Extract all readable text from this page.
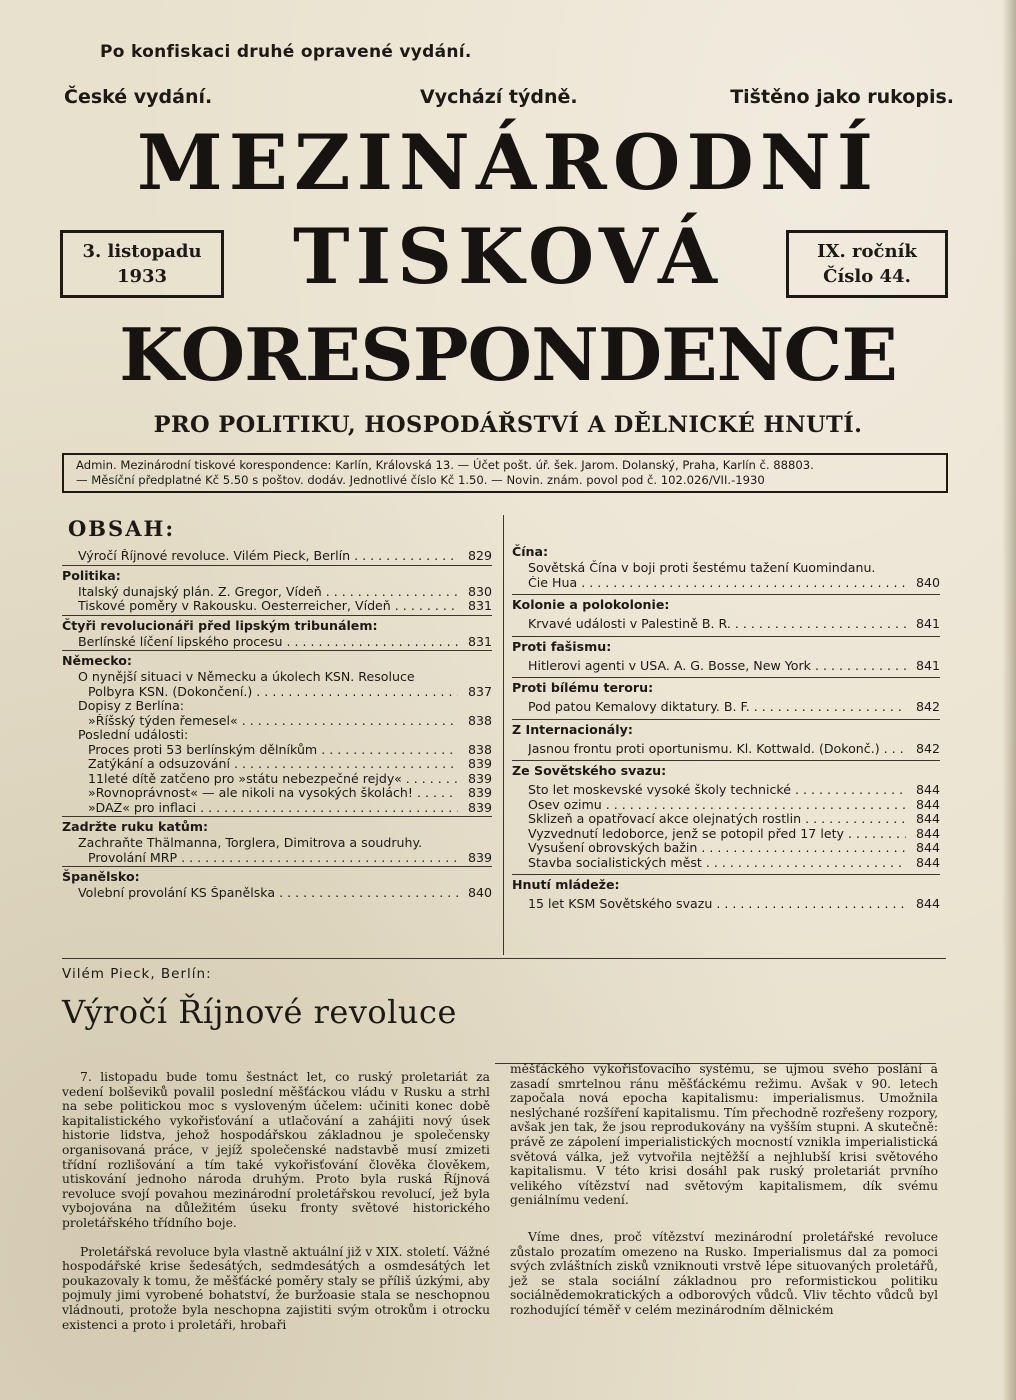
Po konfiskaci druhé opravené vydání.
České vydání.	Vychází týdně.	Tištěno jako rukopis.
MEZINÁRODNÍ
TISKOVÁ
KORESPONDENCE
3. listopadu
1933
IX. ročník
Číslo 44.
PRO POLITIKU, HOSPODÁŘSTVÍ A DĚLNICKÉ HNUTÍ.
Admin. Mezinárodní tiskové korespondence: Karlín, Královská 13. — Účet pošt. úř. šek. Jarom. Dolanský, Praha, Karlín č. 88803.
— Měsíční předplatné Kč 5.50 s poštov. dodáv. Jednotlivé číslo Kč 1.50. — Novin. znám. povol pod č. 102.026/VII.-1930
OBSAH:
Výročí Říjnové revoluce. Vilém Pieck, Berlín . . .	829
Politika:
Italský dunajský plán. Z. Gregor, Vídeň . . .	830
Tiskové poměry v Rakousku. Oesterreicher, Vídeň . . .	831
Čtyři revolucionáři před lipským tribunálem:
Berlínské líčení lipského procesu . . .	831
Německo:
O nynější situaci v Německu a úkolech KSN. Resoluce
Polbyra KSN. (Dokončení.) . . .	837
Dopisy z Berlína:
»Říšský týden řemesel« . . .	838
Poslední události:
Proces proti 53 berlínským dělníkům . . .	838
Zatýkání a odsuzování . . .	839
11leté dítě zatčeno pro »státu nebezpečné rejdy« . . .	839
»Rovnoprávnost« — ale nikoli na vysokých školách! . . .	839
»DAZ« pro inflaci . . .	839
Zadržte ruku katům:
Zachraňte Thälmanna, Torglera, Dimitrova a soudruhy.
Provolání MRP . . .	839
Španělsko:
Volební provolání KS Španělska . . .	840
Čína:
Sovětská Čína v boji proti šestému tažení Kuomindanu.
Čie Hua . . .	840
Kolonie a polokolonie:
Krvavé události v Palestině B. R. . . .	841
Proti fašismu:
Hitlerovi agenti v USA. A. G. Bosse, New York . . .	841
Proti bílému teroru:
Pod patou Kemalovy diktatury. B. F. . . .	842
Z Internacionály:
Jasnou frontu proti oportunismu. Kl. Kottwald. (Dokonč.) . . .	842
Ze Sovětského svazu:
Sto let moskevské vysoké školy technické . . .	844
Osev ozimu . . .	844
Sklizeň a opatřovací akce olejnatých rostlin . . .	844
Vyzvednutí ledoborce, jenž se potopil před 17 lety . . .	844
Vysušení obrovských bažin . . .	844
Stavba socialistických měst . . .	844
Hnutí mládeže:
15 let KSM Sovětského svazu . . .	844
Vilém Pieck, Berlín:
Výročí Říjnové revoluce

7. listopadu bude tomu šestnáct let, co ruský proletariát za vedení bolševiků povalil poslední měšťáckou vládu v Rusku a strhl na sebe politickou moc s vysloveným účelem: učiniti konec době kapitalistického vykořisťování a utlačování a zahájiti nový úsek historie lidstva, jehož hospodářskou základnou je společensky organisovaná práce, v jejíž společenské nadstavbě musí zmizeti třídní rozlišování a tím také vykořisťování člověka člověkem, utiskování jednoho národa druhým. Proto byla ruská Říjnová revoluce svojí povahou mezinárodní proletářskou revolucí, jež byla vybojována na důležitém úseku fronty světové historického proletářského třídního boje.

Proletářská revoluce byla vlastně aktuální již v XIX. století. Vážné hospodářské krise šedesátých, sedmdesátých a osmdesátých let poukazovaly k tomu, že měšťácké poměry staly se příliš úzkými, aby pojmuly jimi vyrobené bohatství, že buržoasie stala se neschopnou vládnouti, protože byla neschopna zajistiti svým otrokům i otrocku existenci a proto i proletáři, hrobaři

měšťáckého vykořisťovacího systému, se ujmou svého poslání a zasadí smrtelnou ránu měšťáckému režimu. Avšak v 90. letech započala nová epocha kapitalismu: imperialismus. Umožnila neslýchané rozšíření kapitalismu. Tím přechodně rozřešeny rozpory, avšak jen tak, že jsou reprodukovány na vyšším stupni. A skutečně: právě ze zápolení imperialistických mocností vznikla imperialistická světová válka, jež vytvořila nejtěžší a nejhlubší krisi světového kapitalismu. V této krisi dosáhl pak ruský proletariát prvního velikého vítězství nad světovým kapitalismem, dík svému geniálnímu vedení.

Víme dnes, proč vítězství mezinárodní proletářské revoluce zůstalo prozatím omezeno na Rusko. Imperialismus dal za pomoci svých zvláštních zisků vzniknouti vrstvě lépe situovaných proletářů, jež se stala sociální základnou pro reformistickou politiku sociálnědemokratických a odborových vůdců. Vliv těchto vůdců byl rozhodující téměř v celém mezinárodním dělnickém
